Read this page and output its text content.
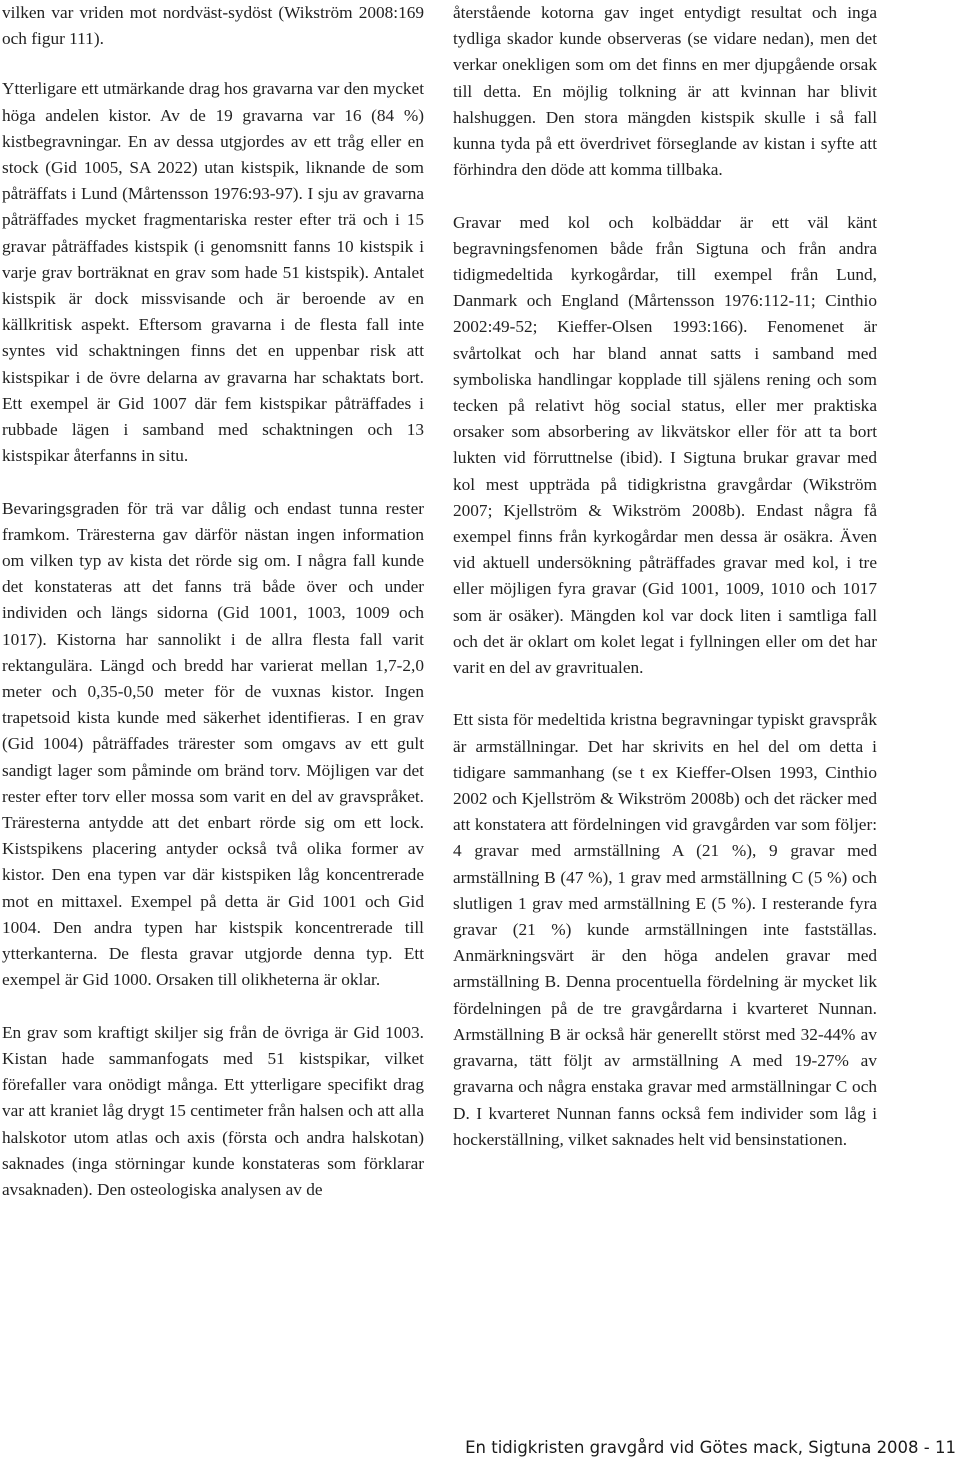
vilken var vriden mot nordväst-sydöst (Wikström 2008:169 och figur 111).

Ytterligare ett utmärkande drag hos gravarna var den mycket höga andelen kistor. Av de 19 gravarna var 16 (84 %) kistbegravningar. En av dessa utgjordes av ett tråg eller en stock (Gid 1005, SA 2022) utan kistspik, liknande de som påträffats i Lund (Mårtensson 1976:93-97). I sju av gravarna påträffades mycket fragmentariska rester efter trä och i 15 gravar påträffades kistspik (i genomsnitt fanns 10 kistspik i varje grav borträknat en grav som hade 51 kistspik). Antalet kistspik är dock missvisande och är beroende av en källkritisk aspekt. Eftersom gravarna i de flesta fall inte syntes vid schaktningen finns det en uppenbar risk att kistspikar i de övre delarna av gravarna har schaktats bort. Ett exempel är Gid 1007 där fem kistspikar påträffades i rubbade lägen i samband med schaktningen och 13 kistspikar återfanns in situ.

Bevaringsgraden för trä var dålig och endast tunna rester framkom. Träresterna gav därför nästan ingen information om vilken typ av kista det rörde sig om. I några fall kunde det konstateras att det fanns trä både över och under individen och längs sidorna (Gid 1001, 1003, 1009 och 1017). Kistorna har sannolikt i de allra flesta fall varit rektangulära. Längd och bredd har varierat mellan 1,7-2,0 meter och 0,35-0,50 meter för de vuxnas kistor. Ingen trapetsoid kista kunde med säkerhet identifieras. I en grav (Gid 1004) påträffades trärester som omgavs av ett gult sandigt lager som påminde om bränd torv. Möjligen var det rester efter torv eller mossa som varit en del av gravspråket. Träresterna antydde att det enbart rörde sig om ett lock. Kistspikens placering antyder också två olika former av kistor. Den ena typen var där kistspiken låg koncentrerade mot en mittaxel. Exempel på detta är Gid 1001 och Gid 1004. Den andra typen har kistspik koncentrerade till ytterkanterna. De flesta gravar utgjorde denna typ. Ett exempel är Gid 1000. Orsaken till olikheterna är oklar.

En grav som kraftigt skiljer sig från de övriga är Gid 1003. Kistan hade sammanfogats med 51 kistspikar, vilket förefaller vara onödigt många. Ett ytterligare specifikt drag var att kraniet låg drygt 15 centimeter från halsen och att alla halskotor utom atlas och axis (första och andra halskotan) saknades (inga störningar kunde konstateras som förklarar avsaknaden). Den osteologiska analysen av de

återstående kotorna gav inget entydigt resultat och inga tydliga skador kunde observeras (se vidare nedan), men det verkar onekligen som om det finns en mer djupgående orsak till detta. En möjlig tolkning är att kvinnan har blivit halshuggen. Den stora mängden kistspik skulle i så fall kunna tyda på ett överdrivet förseglande av kistan i syfte att förhindra den döde att komma tillbaka.

Gravar med kol och kolbäddar är ett väl känt begravningsfenomen både från Sigtuna och från andra tidigmedeltida kyrkogårdar, till exempel från Lund, Danmark och England (Mårtensson 1976:112-11; Cinthio 2002:49-52; Kieffer-Olsen 1993:166). Fenomenet är svårtolkat och har bland annat satts i samband med symboliska handlingar kopplade till själens rening och som tecken på relativt hög social status, eller mer praktiska orsaker som absorbering av likvätskor eller för att ta bort lukten vid förruttnelse (ibid). I Sigtuna brukar gravar med kol mest uppträda på tidigkristna gravgårdar (Wikström 2007; Kjellström & Wikström 2008b). Endast några få exempel finns från kyrkogårdar men dessa är osäkra. Även vid aktuell undersökning påträffades gravar med kol, i tre eller möjligen fyra gravar (Gid 1001, 1009, 1010 och 1017 som är osäker). Mängden kol var dock liten i samtliga fall och det är oklart om kolet legat i fyllningen eller om det har varit en del av gravritualen.

Ett sista för medeltida kristna begravningar typiskt gravspråk är armställningar. Det har skrivits en hel del om detta i tidigare sammanhang (se t ex Kieffer-Olsen 1993, Cinthio 2002 och Kjellström & Wikström 2008b) och det räcker med att konstatera att fördelningen vid gravgården var som följer: 4 gravar med armställning A (21 %), 9 gravar med armställning B (47 %), 1 grav med armställning C (5 %) och slutligen 1 grav med armställning E (5 %). I resterande fyra gravar (21 %) kunde armställningen inte fastställas. Anmärkningsvärt är den höga andelen gravar med armställning B. Denna procentuella fördelning är mycket lik fördelningen på de tre gravgårdarna i kvarteret Nunnan. Armställning B är också här generellt störst med 32-44% av gravarna, tätt följt av armställning A med 19-27% av gravarna och några enstaka gravar med armställningar C och D. I kvarteret Nunnan fanns också fem individer som låg i hockerställning, vilket saknades helt vid bensinstationen.

En tidigkristen gravgård vid Götes mack, Sigtuna 2008 - 11
